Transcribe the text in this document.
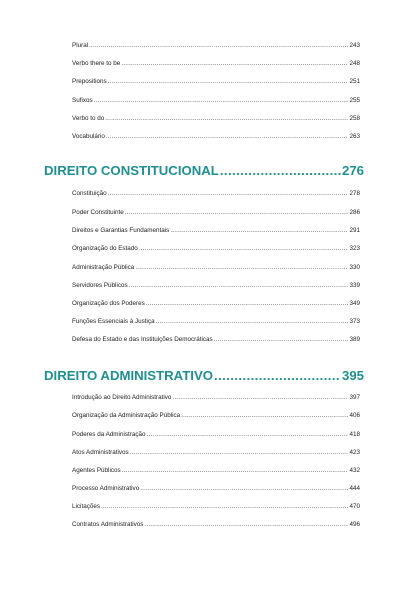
Plural .....	243
Verbo there to be .....	248
Prepositions .....	251
Sufixos .....	255
Verbo to do .....	258
Vocabulário .....	263
DIREITO CONSTITUCIONAL .....	276
Constituição .....	278
Poder Constituinte .....	286
Direitos e Garantias Fundamentais .....	291
Organização do Estado .....	323
Administração Pública .....	330
Servidores Públicos .....	339
Organização dos Poderes .....	349
Funções Essenciais à Justiça .....	373
Defesa do Estado e das Instituições Democráticas .....	389
DIREITO ADMINISTRATIVO .....	395
Introdução ao Direito Administrativo .....	397
Organização da Administração Pública .....	406
Poderes da Administração .....	418
Atos Administrativos .....	423
Agentes Públicos .....	432
Processo Administrativo .....	444
Licitações .....	470
Contratos Administrativos .....	496
